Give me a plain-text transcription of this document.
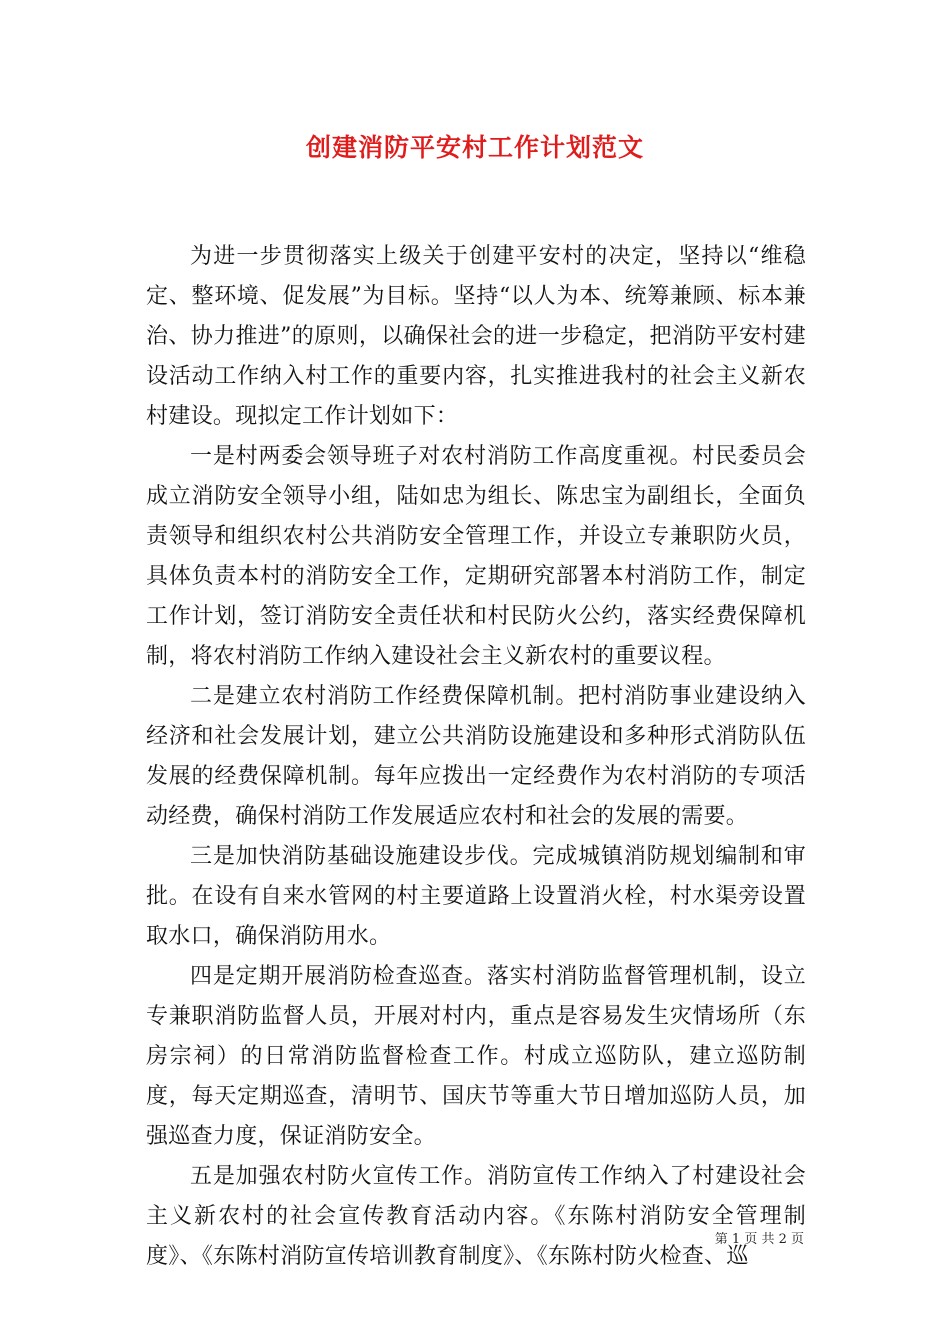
创建消防平安村工作计划范文

为进一步贯彻落实上级关于创建平安村的决定，坚持以“维稳定、整环境、促发展”为目标。坚持“以人为本、统筹兼顾、标本兼治、协力推进”的原则，以确保社会的进一步稳定，把消防平安村建设活动工作纳入村工作的重要内容，扎实推进我村的社会主义新农村建设。现拟定工作计划如下：

一是村两委会领导班子对农村消防工作高度重视。村民委员会成立消防安全领导小组，陆如忠为组长、陈忠宝为副组长，全面负责领导和组织农村公共消防安全管理工作，并设立专兼职防火员，具体负责本村的消防安全工作，定期研究部署本村消防工作，制定工作计划，签订消防安全责任状和村民防火公约，落实经费保障机制，将农村消防工作纳入建设社会主义新农村的重要议程。

二是建立农村消防工作经费保障机制。把村消防事业建设纳入经济和社会发展计划，建立公共消防设施建设和多种形式消防队伍发展的经费保障机制。每年应拨出一定经费作为农村消防的专项活动经费，确保村消防工作发展适应农村和社会的发展的需要。

三是加快消防基础设施建设步伐。完成城镇消防规划编制和审批。在设有自来水管网的村主要道路上设置消火栓，村水渠旁设置取水口，确保消防用水。

四是定期开展消防检查巡查。落实村消防监督管理机制，设立专兼职消防监督人员，开展对村内，重点是容易发生灾情场所（东房宗祠）的日常消防监督检查工作。村成立巡防队，建立巡防制度，每天定期巡查，清明节、国庆节等重大节日增加巡防人员，加强巡查力度，保证消防安全。

五是加强农村防火宣传工作。消防宣传工作纳入了村建设社会主义新农村的社会宣传教育活动内容。《东陈村消防安全管理制度》、《东陈村消防宣传培训教育制度》、《东陈村防火检查、巡

第 1 页 共 2 页
